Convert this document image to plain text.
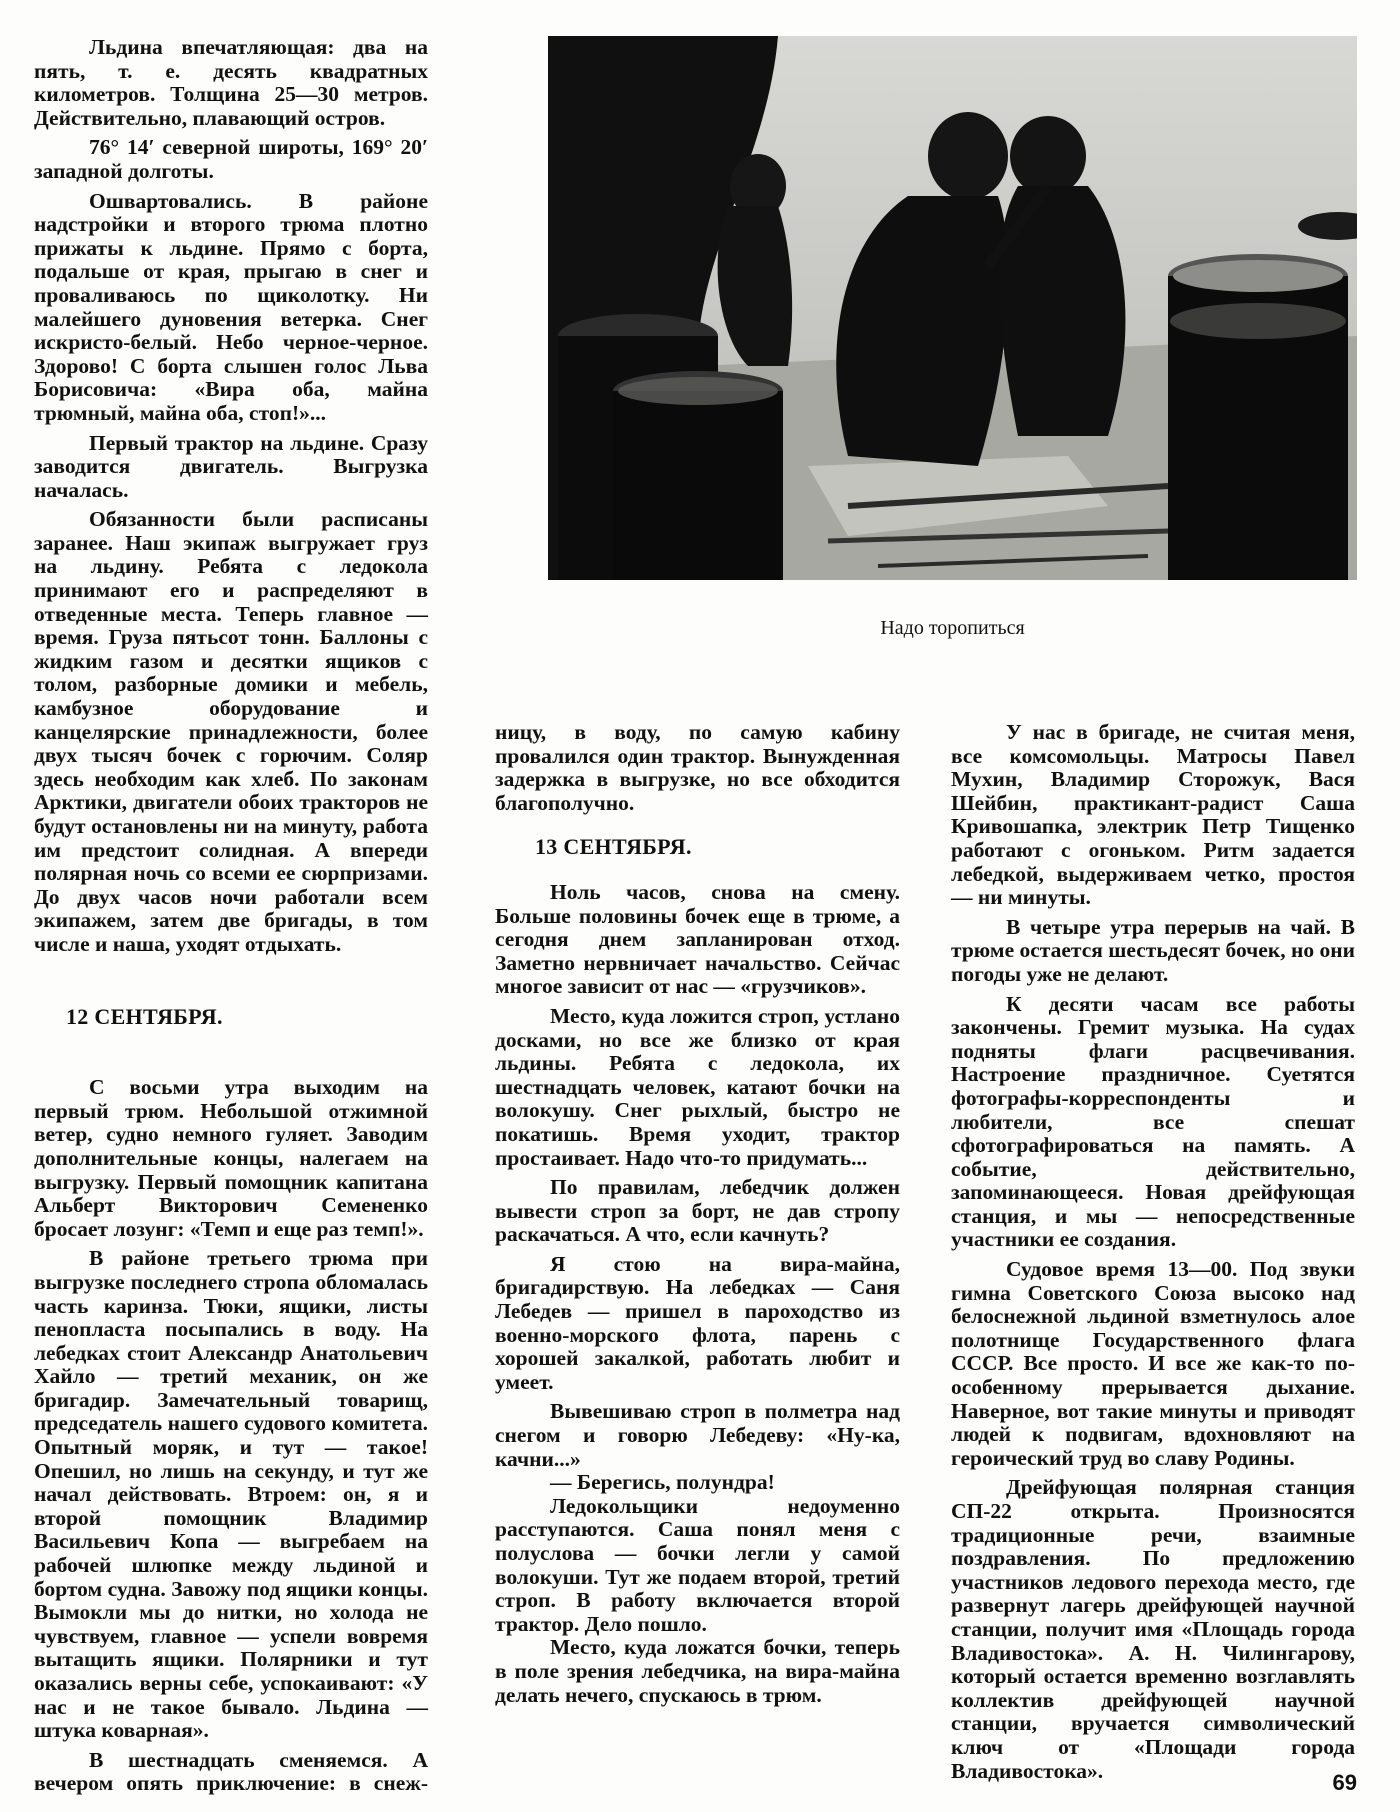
Льдина впечатляющая: два на пять, т. е. десять квадратных километров. Толщина 25—30 метров. Действительно, плавающий остров.

76° 14′ северной широты, 169° 20′ западной долготы.

Ошвартовались. В районе надстройки и второго трюма плотно прижаты к льдине. Прямо с борта, подальше от края, прыгаю в снег и проваливаюсь по щиколотку. Ни малейшего дуновения ветерка. Снег искристо-белый. Небо черное-черное. Здорово! С борта слышен голос Льва Борисовича: «Вира оба, майна трюмный, майна оба, стоп!»...

Первый трактор на льдине. Сразу заводится двигатель. Выгрузка началась.

Обязанности были расписаны заранее. Наш экипаж выгружает груз на льдину. Ребята с ледокола принимают его и распределяют в отведенные места. Теперь главное — время. Груза пятьсот тонн. Баллоны с жидким газом и десятки ящиков с толом, разборные домики и мебель, камбузное оборудование и канцелярские принадлежности, более двух тысяч бочек с горючим. Соляр здесь необходим как хлеб. По законам Арктики, двигатели обоих тракторов не будут остановлены ни на минуту, работа им предстоит солидная. А впереди полярная ночь со всеми ее сюрпризами. До двух часов ночи работали всем экипажем, затем две бригады, в том числе и наша, уходят отдыхать.

12 СЕНТЯБРЯ.

С восьми утра выходим на первый трюм. Небольшой отжимной ветер, судно немного гуляет. Заводим дополнительные концы, налегаем на выгрузку. Первый помощник капитана Альберт Викторович Семененко бросает лозунг: «Темп и еще раз темп!».

В районе третьего трюма при выгрузке последнего стропа обломалась часть каринза. Тюки, ящики, листы пенопласта посыпались в воду. На лебедках стоит Александр Анатольевич Хайло — третий механик, он же бригадир. Замечательный товарищ, председатель нашего судового комитета. Опытный моряк, и тут — такое! Опешил, но лишь на секунду, и тут же начал действовать. Втроем: он, я и второй помощник Владимир Васильевич Копа — выгребаем на рабочей шлюпке между льдиной и бортом судна. Завожу под ящики концы. Вымокли мы до нитки, но холода не чувствуем, главное — успели вовремя вытащить ящики. Полярники и тут оказались верны себе, успокаивают: «У нас и не такое бывало. Льдина — штука коварная».

В шестнадцать сменяемся. А вечером опять приключение: в снеж-

Надо торопиться

ницу, в воду, по самую кабину провалился один трактор. Вынужденная задержка в выгрузке, но все обходится благополучно.

13 СЕНТЯБРЯ.

Ноль часов, снова на смену. Больше половины бочек еще в трюме, а сегодня днем запланирован отход. Заметно нервничает начальство. Сейчас многое зависит от нас — «грузчиков».

Место, куда ложится строп, устлано досками, но все же близко от края льдины. Ребята с ледокола, их шестнадцать человек, катают бочки на волокушу. Снег рыхлый, быстро не покатишь. Время уходит, трактор простаивает. Надо что-то придумать...

По правилам, лебедчик должен вывести строп за борт, не дав стропу раскачаться. А что, если качнуть?

Я стою на вира-майна, бригадирствую. На лебедках — Саня Лебедев — пришел в пароходство из военно-морского флота, парень с хорошей закалкой, работать любит и умеет.

Вывешиваю строп в полметра над снегом и говорю Лебедеву: «Ну-ка, качни...»

— Берегись, полундра!

Ледокольщики недоуменно расступаются. Саша понял меня с полуслова — бочки легли у самой волокуши. Тут же подаем второй, третий строп. В работу включается второй трактор. Дело пошло.

Место, куда ложатся бочки, теперь в поле зрения лебедчика, на вира-майна делать нечего, спускаюсь в трюм.

У нас в бригаде, не считая меня, все комсомольцы. Матросы Павел Мухин, Владимир Сторожук, Вася Шейбин, практикант-радист Саша Кривошапка, электрик Петр Тищенко работают с огоньком. Ритм задается лебедкой, выдерживаем четко, простоя — ни минуты.

В четыре утра перерыв на чай. В трюме остается шестьдесят бочек, но они погоды уже не делают.

К десяти часам все работы закончены. Гремит музыка. На судах подняты флаги расцвечивания. Настроение праздничное. Суетятся фотографы-корреспонденты и любители, все спешат сфотографироваться на память. А событие, действительно, запоминающееся. Новая дрейфующая станция, и мы — непосредственные участники ее создания.

Судовое время 13—00. Под звуки гимна Советского Союза высоко над белоснежной льдиной взметнулось алое полотнище Государственного флага СССР. Все просто. И все же как-то по-особенному прерывается дыхание. Наверное, вот такие минуты и приводят людей к подвигам, вдохновляют на героический труд во славу Родины.

Дрейфующая полярная станция СП-22 открыта. Произносятся традиционные речи, взаимные поздравления. По предложению участников ледового перехода место, где развернут лагерь дрейфующей научной станции, получит имя «Площадь города Владивостока». А. Н. Чилингарову, который остается временно возглавлять коллектив дрейфующей научной станции, вручается символический ключ от «Площади города Владивостока».	69
